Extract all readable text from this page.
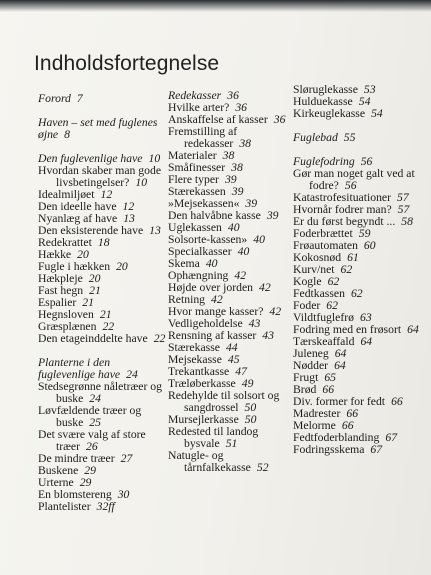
Indholdsfortegnelse
Forord 7
Haven – set med fuglenes øjne 8
Den fuglevenlige have 10
Hvordan skaber man gode livsbetingelser? 10
Idealmiljøet 12
Den ideelle have 12
Nyanlæg af have 13
Den eksisterende have 13
Redekrattet 18
Hække 20
Fugle i hækken 20
Hækpleje 20
Fast hegn 21
Espalier 21
Hegnsloven 21
Græsplænen 22
Den etageinddelte have 22
Planterne i den fuglevenlige have 24
Stedsegrønne nåletræer og buske 24
Løvfældende træer og buske 25
Det svære valg af store træer 26
De mindre træer 27
Buskene 29
Urterne 29
En blomstereng 30
Plantelister 32ff
Redekasser 36
Hvilke arter? 36
Anskaffelse af kasser 36
Fremstilling af redekasser 38
Materialer 38
Småfinesser 38
Flere typer 39
Stærekassen 39
»Mejsekassen« 39
Den halvåbne kasse 39
Uglekassen 40
Solsorte-kassen» 40
Specialkasser 40
Skema 40
Ophængning 42
Højde over jorden 42
Retning 42
Hvor mange kasser? 42
Vedligeholdelse 43
Rensning af kasser 43
Stærekasse 44
Mejsekasse 45
Trekantkasse 47
Træløberkasse 49
Redehylde til solsort og sangdrossel 50
Mursejlerkasse 50
Redested til landog bysvale 51
Natugle- og tårnfalkekasse 52
Sløruglekasse 53
Hulduekasse 54
Kirkeuglekasse 54
Fuglebad 55
Fuglefodring 56
Gør man noget galt ved at fodre? 56
Katastrofesituationer 57
Hvornår fodrer man? 57
Er du først begyndt ... 58
Foderbrættet 59
Frøautomaten 60
Kokosnød 61
Kurv/net 62
Kogle 62
Fedtkassen 62
Foder 62
Vildtfuglefrø 63
Fodring med en frøsort 64
Tærskeaffald 64
Juleneg 64
Nødder 64
Frugt 65
Brød 66
Div. former for fedt 66
Madrester 66
Melorme 66
Fedtfoderblanding 67
Fodringsskema 67
